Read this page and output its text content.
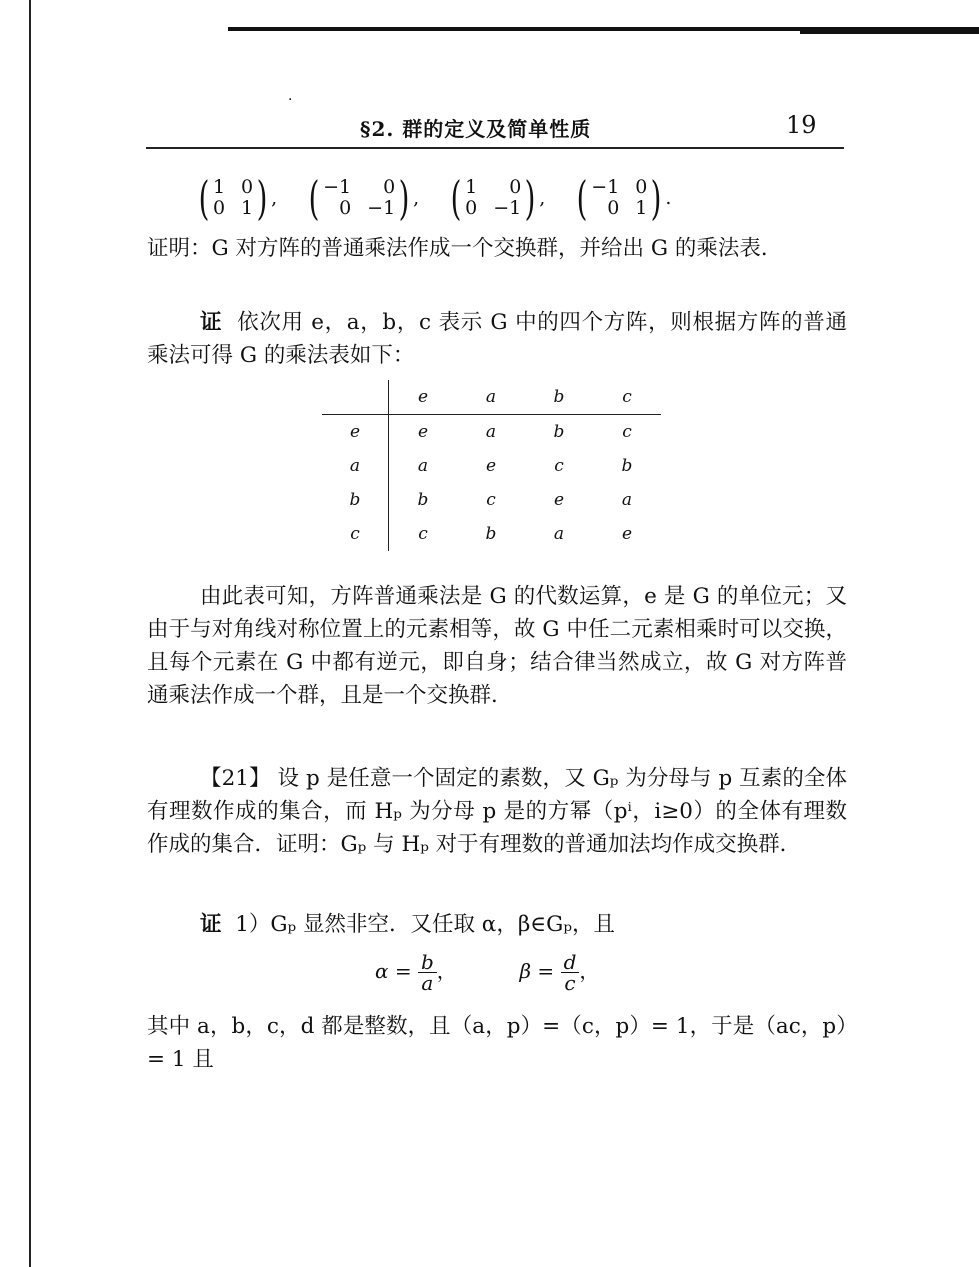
·
§2. 群的定义及简单性质	19
( 1 0
0 1 ) ,
( −1	0
0 −1 ) ,
( 1	0
0 −1 ) ,
( −1 0
0 1 ) .

证明：G 对方阵的普通乘法作成一个交换群，并给出 G 的乘法表．

证 依次用 e，a，b，c 表示 G 中的四个方阵，则根据方阵的普通乘法可得 G 的乘法表如下：

	e	a	b	c
e	e	a	b	c
a	a	e	c	b
b	b	c	e	a
c	c	b	a	e

由此表可知，方阵普通乘法是 G 的代数运算，e 是 G 的单位元；又由于与对角线对称位置上的元素相等，故 G 中任二元素相乘时可以交换，且每个元素在 G 中都有逆元，即自身；结合律当然成立，故 G 对方阵普通乘法作成一个群，且是一个交换群．

【21】 设 p 是任意一个固定的素数，又 Gₚ 为分母与 p 互素的全体有理数作成的集合，而 Hₚ 为分母 p 是的方幂（pⁱ，i≥0）的全体有理数作成的集合．证明：Gₚ 与 Hₚ 对于有理数的普通加法均作成交换群．

证 1）Gₚ 显然非空．又任取 α，β∈Gₚ，且

$\alpha = \frac{b}{a}$ ，	$\beta = \frac{d}{c}$ ，

其中 a，b，c，d 都是整数，且（a，p）=（c，p）= 1，于是（ac，p）= 1 且
